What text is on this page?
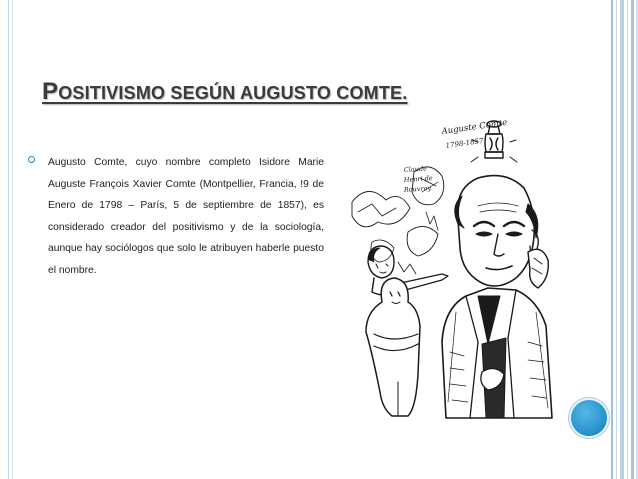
POSITIVISMO SEGÚN AUGUSTO COMTE.

Augusto Comte, cuyo nombre completo Isidore Marie Auguste François Xavier Comte (Montpellier, Francia, !9 de Enero de 1798 – París, 5 de septiembre de 1857), es considerado creador del positivismo y de la sociología, aunque hay sociólogos que solo le atribuyen haberle puesto el nombre.

Auguste Comte
1798-1857
Claude
Henri de
Rouvroy
